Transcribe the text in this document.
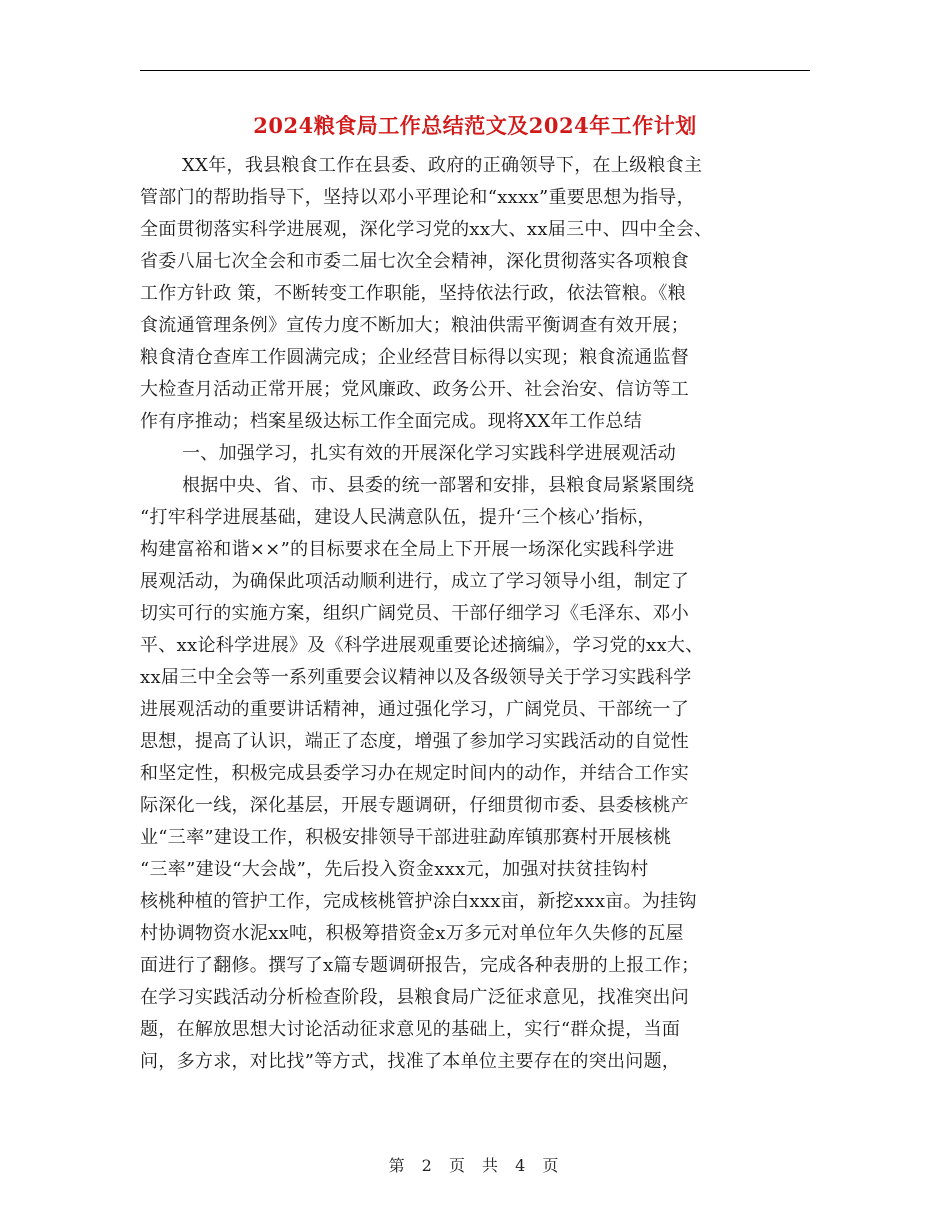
2024粮食局工作总结范文及2024年工作计划
XX年，我县粮食工作在县委、政府的正确领导下，在上级粮食主
管部门的帮助指导下，坚持以邓小平理论和“xxxx”重要思想为指导，
全面贯彻落实科学进展观，深化学习党的xx大、xx届三中、四中全会、
省委八届七次全会和市委二届七次全会精神，深化贯彻落实各项粮食
工作方针政 策，不断转变工作职能，坚持依法行政，依法管粮。《粮
食流通管理条例》宣传力度不断加大；粮油供需平衡调查有效开展；
粮食清仓查库工作圆满完成；企业经营目标得以实现；粮食流通监督
大检查月活动正常开展；党风廉政、政务公开、社会治安、信访等工
作有序推动；档案星级达标工作全面完成。现将XX年工作总结
一、加强学习，扎实有效的开展深化学习实践科学进展观活动
根据中央、省、市、县委的统一部署和安排，县粮食局紧紧围绕
“打牢科学进展基础，建设人民满意队伍，提升‘三个核心’指标，
构建富裕和谐××”的目标要求在全局上下开展一场深化实践科学进
展观活动，为确保此项活动顺利进行，成立了学习领导小组，制定了
切实可行的实施方案，组织广阔党员、干部仔细学习《毛泽东、邓小
平、xx论科学进展》及《科学进展观重要论述摘编》，学习党的xx大、
xx届三中全会等一系列重要会议精神以及各级领导关于学习实践科学
进展观活动的重要讲话精神，通过强化学习，广阔党员、干部统一了
思想，提高了认识，端正了态度，增强了参加学习实践活动的自觉性
和坚定性，积极完成县委学习办在规定时间内的动作，并结合工作实
际深化一线，深化基层，开展专题调研，仔细贯彻市委、县委核桃产
业“三率”建设工作，积极安排领导干部进驻勐库镇那赛村开展核桃
“三率”建设“大会战”，先后投入资金xxx元，加强对扶贫挂钩村
核桃种植的管护工作，完成核桃管护涂白xxx亩，新挖xxx亩。为挂钩
村协调物资水泥xx吨，积极筹措资金x万多元对单位年久失修的瓦屋
面进行了翻修。撰写了x篇专题调研报告，完成各种表册的上报工作；
在学习实践活动分析检查阶段，县粮食局广泛征求意见，找准突出问
题，在解放思想大讨论活动征求意见的基础上，实行“群众提，当面
问，多方求，对比找”等方式，找准了本单位主要存在的突出问题，
第 2 页 共 4 页
